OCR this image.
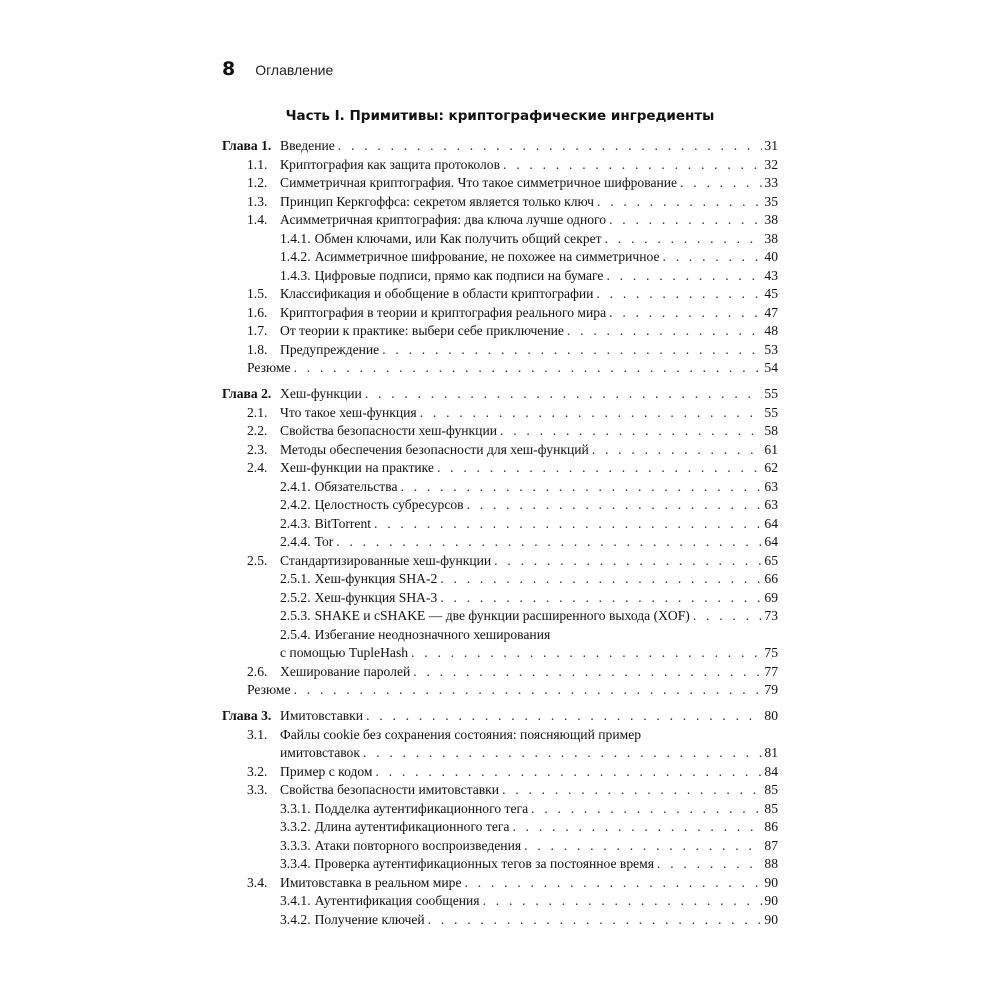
8 Оглавление
Часть I. Примитивы: криптографические ингредиенты
Глава 1. Введение . . .	31
1.1. Криптография как защита протоколов . . .	32
1.2. Симметричная криптография. Что такое симметричное шифрование . . .	33
1.3. Принцип Керкгоффса: секретом является только ключ . . .	35
1.4. Асимметричная криптография: два ключа лучше одного . . .	38
1.4.1. Обмен ключами, или Как получить общий секрет . . .	38
1.4.2. Асимметричное шифрование, не похожее на симметричное . . .	40
1.4.3. Цифровые подписи, прямо как подписи на бумаге . . .	43
1.5. Классификация и обобщение в области криптографии . . .	45
1.6. Криптография в теории и криптография реального мира . . .	47
1.7. От теории к практике: выбери себе приключение . . .	48
1.8. Предупреждение . . .	53
Резюме . . .	54
Глава 2. Хеш-функции . . .	55
2.1. Что такое хеш-функция . . .	55
2.2. Свойства безопасности хеш-функции . . .	58
2.3. Методы обеспечения безопасности для хеш-функций . . .	61
2.4. Хеш-функции на практике . . .	62
2.4.1. Обязательства . . .	63
2.4.2. Целостность субресурсов . . .	63
2.4.3. BitTorrent . . .	64
2.4.4. Tor . . .	64
2.5. Стандартизированные хеш-функции . . .	65
2.5.1. Хеш-функция SHA-2 . . .	66
2.5.2. Хеш-функция SHA-3 . . .	69
2.5.3. SHAKE и cSHAKE — две функции расширенного выхода (XOF) . . .	73
2.5.4. Избегание неоднозначного хеширования
с помощью TupleHash . . .	75
2.6. Хеширование паролей . . .	77
Резюме . . .	79
Глава 3. Имитовставки . . .	80
3.1. Файлы cookie без сохранения состояния: поясняющий пример
имитовставок . . .	81
3.2. Пример с кодом . . .	84
3.3. Свойства безопасности имитовставки . . .	85
3.3.1. Подделка аутентификационного тега . . .	85
3.3.2. Длина аутентификационного тега . . .	86
3.3.3. Атаки повторного воспроизведения . . .	87
3.3.4. Проверка аутентификационных тегов за постоянное время . . .	88
3.4. Имитовставка в реальном мире . . .	90
3.4.1. Аутентификация сообщения . . .	90
3.4.2. Получение ключей . . .	90
